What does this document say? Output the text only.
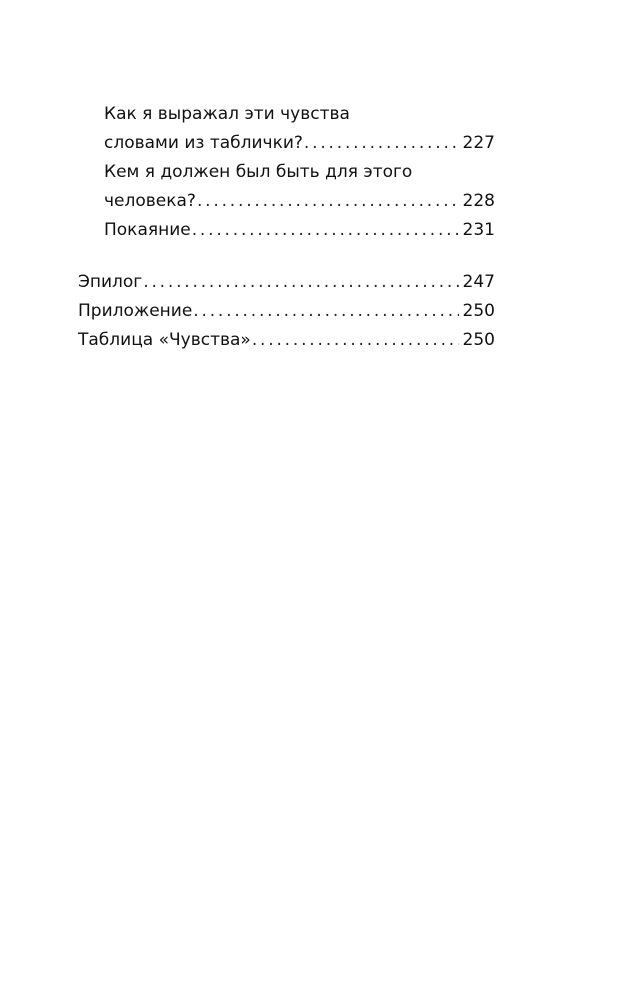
Как я выражал эти чувства
словами из таблички? . . .	227
Кем я должен был быть для этого
человека? . . .	228
Покаяние . . .	231
Эпилог . . .	247
Приложение . . .	250
Таблица «Чувства» . . .	250
